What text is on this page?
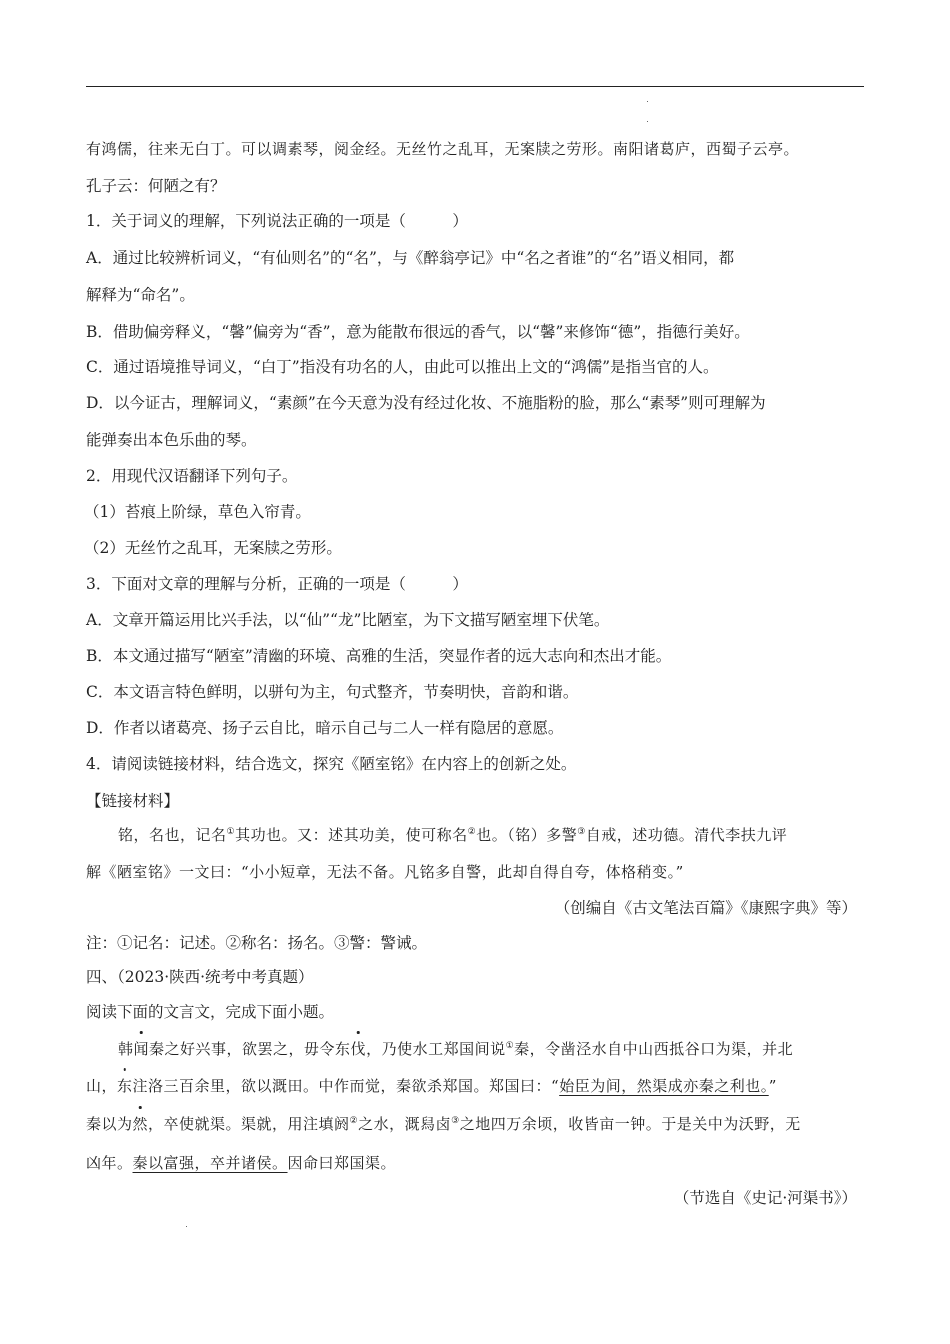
有鸿儒，往来无白丁。可以调素琴，阅金经。无丝竹之乱耳，无案牍之劳形。南阳诸葛庐，西蜀子云亭。
孔子云：何陋之有？
1．关于词义的理解，下列说法正确的一项是（　　　）
A．通过比较辨析词义，“有仙则名”的“名”，与《醉翁亭记》中“名之者谁”的“名”语义相同，都
解释为“命名”。
B．借助偏旁释义，“馨”偏旁为“香”，意为能散布很远的香气，以“馨”来修饰“德”，指德行美好。
C．通过语境推导词义，“白丁”指没有功名的人，由此可以推出上文的“鸿儒”是指当官的人。
D．以今证古，理解词义，“素颜”在今天意为没有经过化妆、不施脂粉的脸，那么“素琴”则可理解为
能弹奏出本色乐曲的琴。
2．用现代汉语翻译下列句子。
（1）苔痕上阶绿，草色入帘青。
（2）无丝竹之乱耳，无案牍之劳形。
3．下面对文章的理解与分析，正确的一项是（　　　）
A．文章开篇运用比兴手法，以“仙”“龙”比陋室，为下文描写陋室埋下伏笔。
B．本文通过描写“陋室”清幽的环境、高雅的生活，突显作者的远大志向和杰出才能。
C．本文语言特色鲜明，以骈句为主，句式整齐，节奏明快，音韵和谐。
D．作者以诸葛亮、扬子云自比，暗示自己与二人一样有隐居的意愿。
4．请阅读链接材料，结合选文，探究《陋室铭》在内容上的创新之处。
【链接材料】
铭，名也，记名①其功也。又：述其功美，使可称名②也。（铭）多警③自戒，述功德。清代李扶九评
解《陋室铭》一文曰：“小小短章，无法不备。凡铭多自警，此却自得自夸，体格稍变。”
（创编自《古文笔法百篇》《康熙字典》等）
注：①记名：记述。②称名：扬名。③警：警诫。
四、（2023·陕西·统考中考真题）
阅读下面的文言文，完成下面小题。
韩闻秦之好兴事，欲罢之，毋令东伐，乃使水工郑国间说①秦，令凿泾水自中山西抵谷口为渠，并北
山，东注洛三百余里，欲以溉田。中作而觉，秦欲杀郑国。郑国曰：“始臣为间，然渠成亦秦之利也。”
秦以为然，卒使就渠。渠就，用注填阏②之水，溉舄卤③之地四万余顷，收皆亩一钟。于是关中为沃野，无
凶年。秦以富强，卒并诸侯。因命曰郑国渠。
（节选自《史记·河渠书》）
